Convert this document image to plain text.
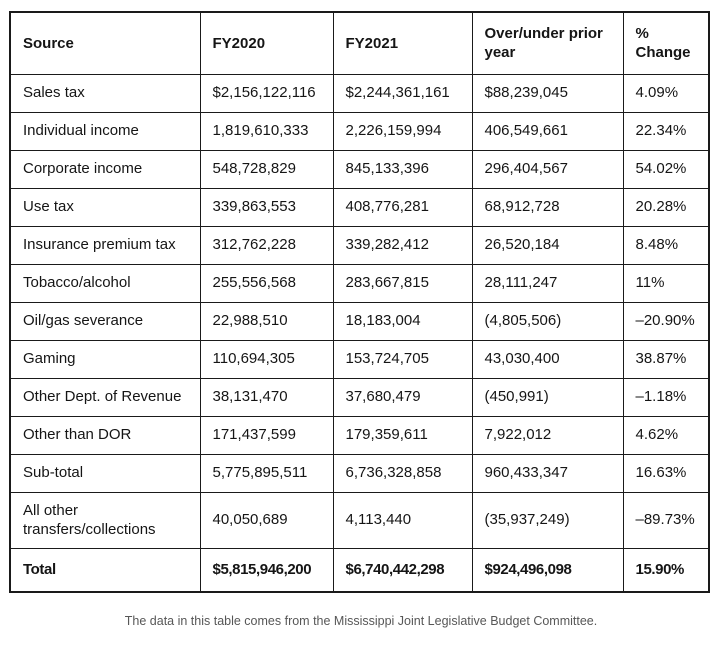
Source	FY2020	FY2021	Over/under prior year	% Change
Sales tax	$2,156,122,116	$2,244,361,161	$88,239,045	4.09%
Individual income	1,819,610,333	2,226,159,994	406,549,661	22.34%
Corporate income	548,728,829	845,133,396	296,404,567	54.02%
Use tax	339,863,553	408,776,281	68,912,728	20.28%
Insurance premium tax	312,762,228	339,282,412	26,520,184	8.48%
Tobacco/alcohol	255,556,568	283,667,815	28,111,247	11%
Oil/gas severance	22,988,510	18,183,004	(4,805,506)	–20.90%
Gaming	110,694,305	153,724,705	43,030,400	38.87%
Other Dept. of Revenue	38,131,470	37,680,479	(450,991)	–1.18%
Other than DOR	171,437,599	179,359,611	7,922,012	4.62%
Sub-total	5,775,895,511	6,736,328,858	960,433,347	16.63%
All other transfers/collections	40,050,689	4,113,440	(35,937,249)	–89.73%
Total	$5,815,946,200	$6,740,442,298	$924,496,098	15.90%
The data in this table comes from the Mississippi Joint Legislative Budget Committee.
